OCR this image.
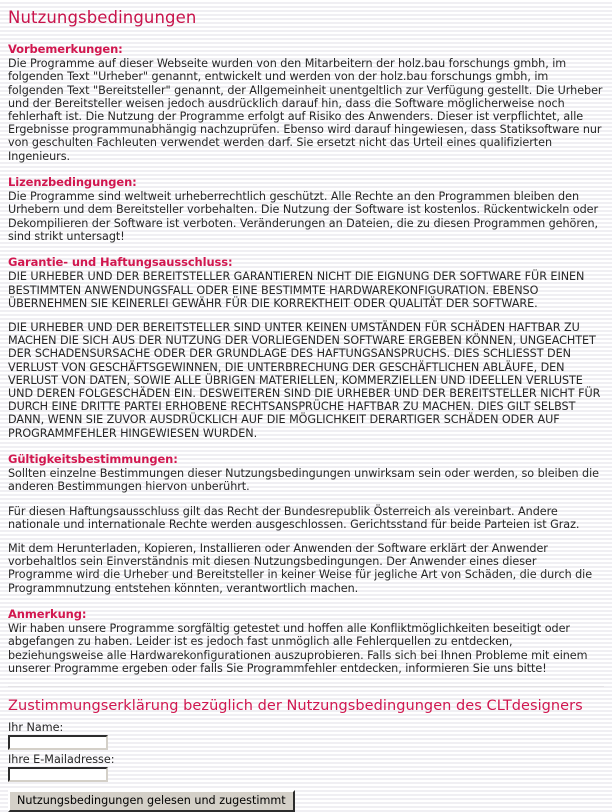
Nutzungsbedingungen
Vorbemerkungen:

Die Programme auf dieser Webseite wurden von den Mitarbeitern der holz.bau forschungs gmbh, im folgenden Text "Urheber" genannt, entwickelt und werden von der holz.bau forschungs gmbh, im folgenden Text "Bereitsteller" genannt, der Allgemeinheit unentgeltlich zur Verfügung gestellt. Die Urheber und der Bereitsteller weisen jedoch ausdrücklich darauf hin, dass die Software möglicherweise noch fehlerhaft ist. Die Nutzung der Programme erfolgt auf Risiko des Anwenders. Dieser ist verpflichtet, alle Ergebnisse programmunabhängig nachzuprüfen. Ebenso wird darauf hingewiesen, dass Statiksoftware nur von geschulten Fachleuten verwendet werden darf. Sie ersetzt nicht das Urteil eines qualifizierten Ingenieurs.

Lizenzbedingungen:

Die Programme sind weltweit urheberrechtlich geschützt. Alle Rechte an den Programmen bleiben den Urhebern und dem Bereitsteller vorbehalten. Die Nutzung der Software ist kostenlos. Rückentwickeln oder Dekompilieren der Software ist verboten. Veränderungen an Dateien, die zu diesen Programmen gehören, sind strikt untersagt!

Garantie- und Haftungsausschluss:

DIE URHEBER UND DER BEREITSTELLER GARANTIEREN NICHT DIE EIGNUNG DER SOFTWARE FÜR EINEN BESTIMMTEN ANWENDUNGSFALL ODER EINE BESTIMMTE HARDWAREKONFIGURATION. EBENSO ÜBERNEHMEN SIE KEINERLEI GEWÄHR FÜR DIE KORREKTHEIT ODER QUALITÄT DER SOFTWARE.

DIE URHEBER UND DER BEREITSTELLER SIND UNTER KEINEN UMSTÄNDEN FÜR SCHÄDEN HAFTBAR ZU MACHEN DIE SICH AUS DER NUTZUNG DER VORLIEGENDEN SOFTWARE ERGEBEN KÖNNEN, UNGEACHTET DER SCHADENSURSACHE ODER DER GRUNDLAGE DES HAFTUNGSANSPRUCHS. DIES SCHLIESST DEN VERLUST VON GESCHÄFTSGEWINNEN, DIE UNTERBRECHUNG DER GESCHÄFTLICHEN ABLÄUFE, DEN VERLUST VON DATEN, SOWIE ALLE ÜBRIGEN MATERIELLEN, KOMMERZIELLEN UND IDEELLEN VERLUSTE UND DEREN FOLGESCHÄDEN EIN. DESWEITEREN SIND DIE URHEBER UND DER BEREITSTELLER NICHT FÜR DURCH EINE DRITTE PARTEI ERHOBENE RECHTSANSPRÜCHE HAFTBAR ZU MACHEN. DIES GILT SELBST DANN, WENN SIE ZUVOR AUSDRÜCKLICH AUF DIE MÖGLICHKEIT DERARTIGER SCHÄDEN ODER AUF PROGRAMMFEHLER HINGEWIESEN WURDEN.

Gültigkeitsbestimmungen:

Sollten einzelne Bestimmungen dieser Nutzungsbedingungen unwirksam sein oder werden, so bleiben die anderen Bestimmungen hiervon unberührt.

Für diesen Haftungsausschluss gilt das Recht der Bundesrepublik Österreich als vereinbart. Andere nationale und internationale Rechte werden ausgeschlossen. Gerichtsstand für beide Parteien ist Graz.

Mit dem Herunterladen, Kopieren, Installieren oder Anwenden der Software erklärt der Anwender vorbehaltlos sein Einverständnis mit diesen Nutzungsbedingungen. Der Anwender eines dieser Programme wird die Urheber und Bereitsteller in keiner Weise für jegliche Art von Schäden, die durch die Programmnutzung entstehen könnten, verantwortlich machen.

Anmerkung:

Wir haben unsere Programme sorgfältig getestet und hoffen alle Konfliktmöglichkeiten beseitigt oder abgefangen zu haben. Leider ist es jedoch fast unmöglich alle Fehlerquellen zu entdecken, beziehungsweise alle Hardwarekonfigurationen auszuprobieren. Falls sich bei Ihnen Probleme mit einem unserer Programme ergeben oder falls Sie Programmfehler entdecken, informieren Sie uns bitte!

Zustimmungserklärung bezüglich der Nutzungsbedingungen des CLTdesigners
Ihr Name:
Ihre E-Mailadresse:
Nutzungsbedingungen gelesen und zugestimmt
